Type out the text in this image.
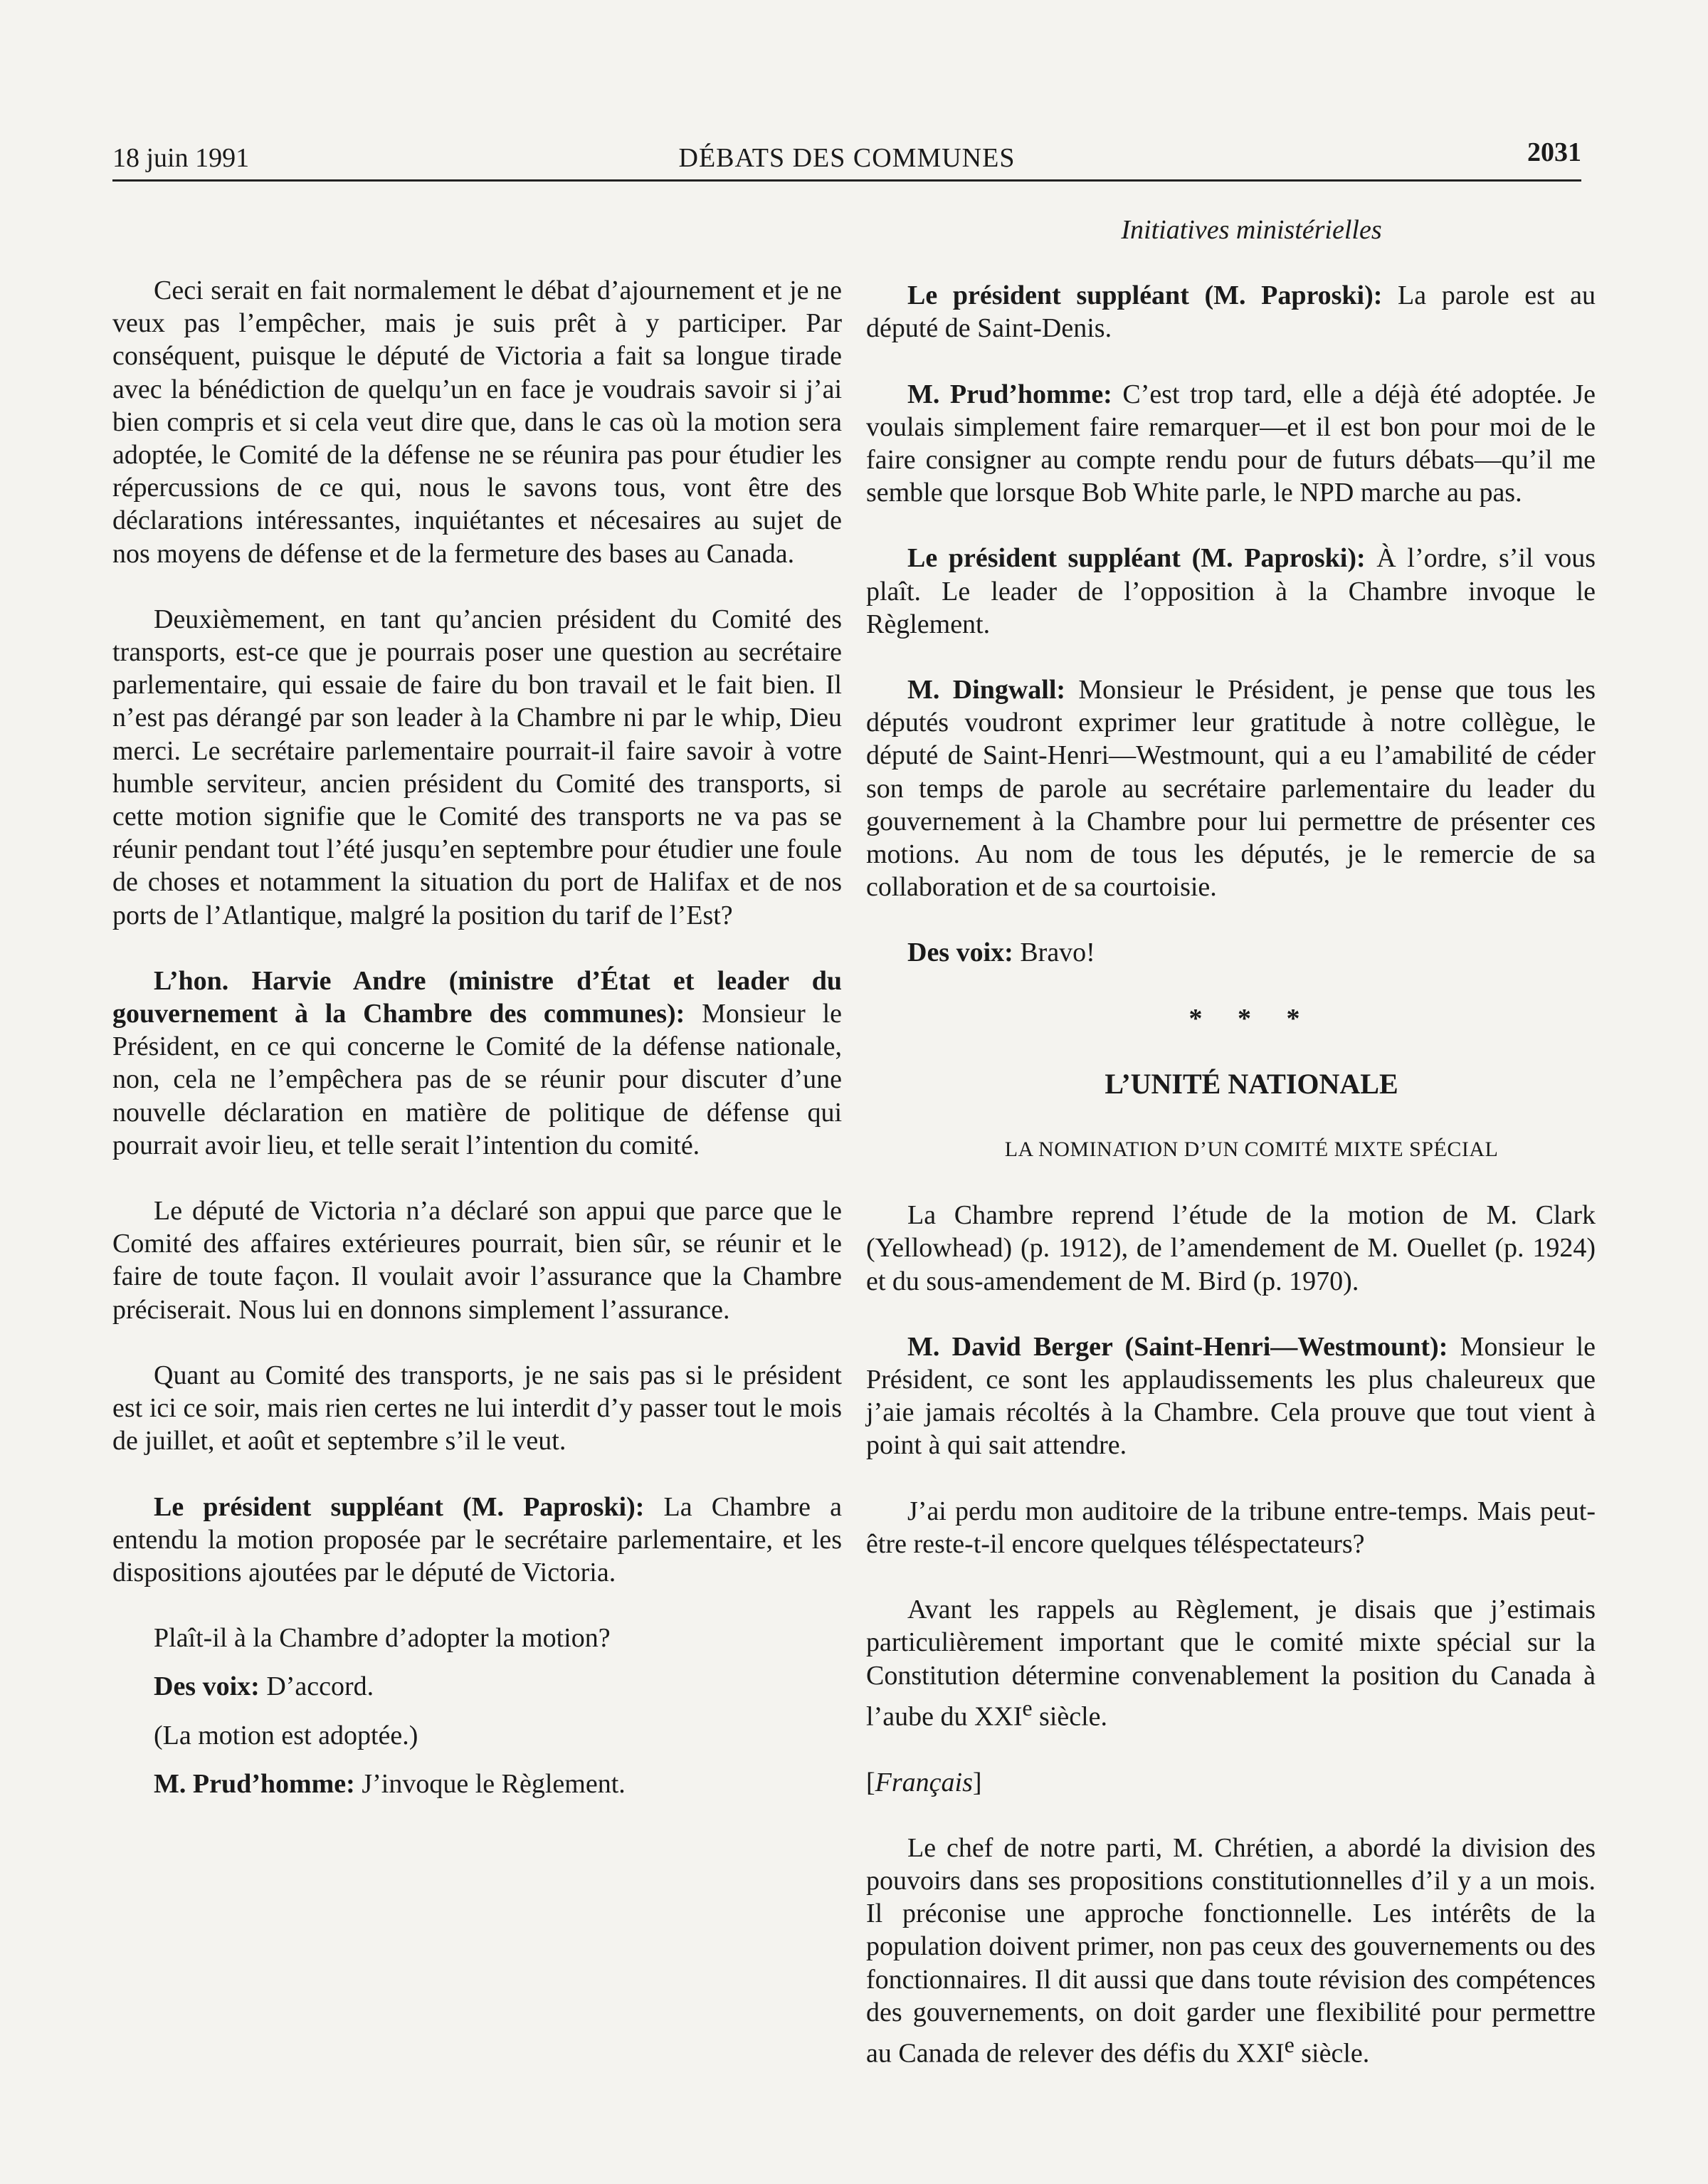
18 juin 1991	DÉBATS DES COMMUNES	2031

Ceci serait en fait normalement le débat d’ajournement et je ne veux pas l’empêcher, mais je suis prêt à y participer. Par conséquent, puisque le député de Victoria a fait sa longue tirade avec la bénédiction de quelqu’un en face je voudrais savoir si j’ai bien compris et si cela veut dire que, dans le cas où la motion sera adoptée, le Comité de la défense ne se réunira pas pour étudier les répercussions de ce qui, nous le savons tous, vont être des déclarations intéressantes, inquiétantes et nécesaires au sujet de nos moyens de défense et de la fermeture des bases au Canada.

Deuxièmement, en tant qu’ancien président du Comité des transports, est-ce que je pourrais poser une question au secrétaire parlementaire, qui essaie de faire du bon travail et le fait bien. Il n’est pas dérangé par son leader à la Chambre ni par le whip, Dieu merci. Le secrétaire parlementaire pourrait-il faire savoir à votre humble serviteur, ancien président du Comité des transports, si cette motion signifie que le Comité des transports ne va pas se réunir pendant tout l’été jusqu’en septembre pour étudier une foule de choses et notamment la situation du port de Halifax et de nos ports de l’Atlantique, malgré la position du tarif de l’Est?

L’hon. Harvie Andre (ministre d’État et leader du gouvernement à la Chambre des communes): Monsieur le Président, en ce qui concerne le Comité de la défense nationale, non, cela ne l’empêchera pas de se réunir pour discuter d’une nouvelle déclaration en matière de politique de défense qui pourrait avoir lieu, et telle serait l’intention du comité.

Le député de Victoria n’a déclaré son appui que parce que le Comité des affaires extérieures pourrait, bien sûr, se réunir et le faire de toute façon. Il voulait avoir l’assurance que la Chambre préciserait. Nous lui en donnons simplement l’assurance.

Quant au Comité des transports, je ne sais pas si le président est ici ce soir, mais rien certes ne lui interdit d’y passer tout le mois de juillet, et août et septembre s’il le veut.

Le président suppléant (M. Paproski): La Chambre a entendu la motion proposée par le secrétaire parlementaire, et les dispositions ajoutées par le député de Victoria.

Plaît-il à la Chambre d’adopter la motion?

Des voix: D’accord.

(La motion est adoptée.)

M. Prud’homme: J’invoque le Règlement.

Initiatives ministérielles

Le président suppléant (M. Paproski): La parole est au député de Saint-Denis.

M. Prud’homme: C’est trop tard, elle a déjà été adoptée. Je voulais simplement faire remarquer—et il est bon pour moi de le faire consigner au compte rendu pour de futurs débats—qu’il me semble que lorsque Bob White parle, le NPD marche au pas.

Le président suppléant (M. Paproski): À l’ordre, s’il vous plaît. Le leader de l’opposition à la Chambre invoque le Règlement.

M. Dingwall: Monsieur le Président, je pense que tous les députés voudront exprimer leur gratitude à notre collègue, le député de Saint-Henri—Westmount, qui a eu l’amabilité de céder son temps de parole au secrétaire parlementaire du leader du gouvernement à la Chambre pour lui permettre de présenter ces motions. Au nom de tous les députés, je le remercie de sa collaboration et de sa courtoisie.

Des voix: Bravo!

* * *

L’UNITÉ NATIONALE

LA NOMINATION D’UN COMITÉ MIXTE SPÉCIAL

La Chambre reprend l’étude de la motion de M. Clark (Yellowhead) (p. 1912), de l’amendement de M. Ouellet (p. 1924) et du sous-amendement de M. Bird (p. 1970).

M. David Berger (Saint-Henri—Westmount): Monsieur le Président, ce sont les applaudissements les plus chaleureux que j’aie jamais récoltés à la Chambre. Cela prouve que tout vient à point à qui sait attendre.

J’ai perdu mon auditoire de la tribune entre-temps. Mais peut-être reste-t-il encore quelques téléspectateurs?

Avant les rappels au Règlement, je disais que j’estimais particulièrement important que le comité mixte spécial sur la Constitution détermine convenablement la position du Canada à l’aube du XXIe siècle.

[ Français ]

Le chef de notre parti, M. Chrétien, a abordé la division des pouvoirs dans ses propositions constitutionnelles d’il y a un mois. Il préconise une approche fonctionnelle. Les intérêts de la population doivent primer, non pas ceux des gouvernements ou des fonctionnaires. Il dit aussi que dans toute révision des compétences des gouvernements, on doit garder une flexibilité pour permettre au Canada de relever des défis du XXIe siècle.
